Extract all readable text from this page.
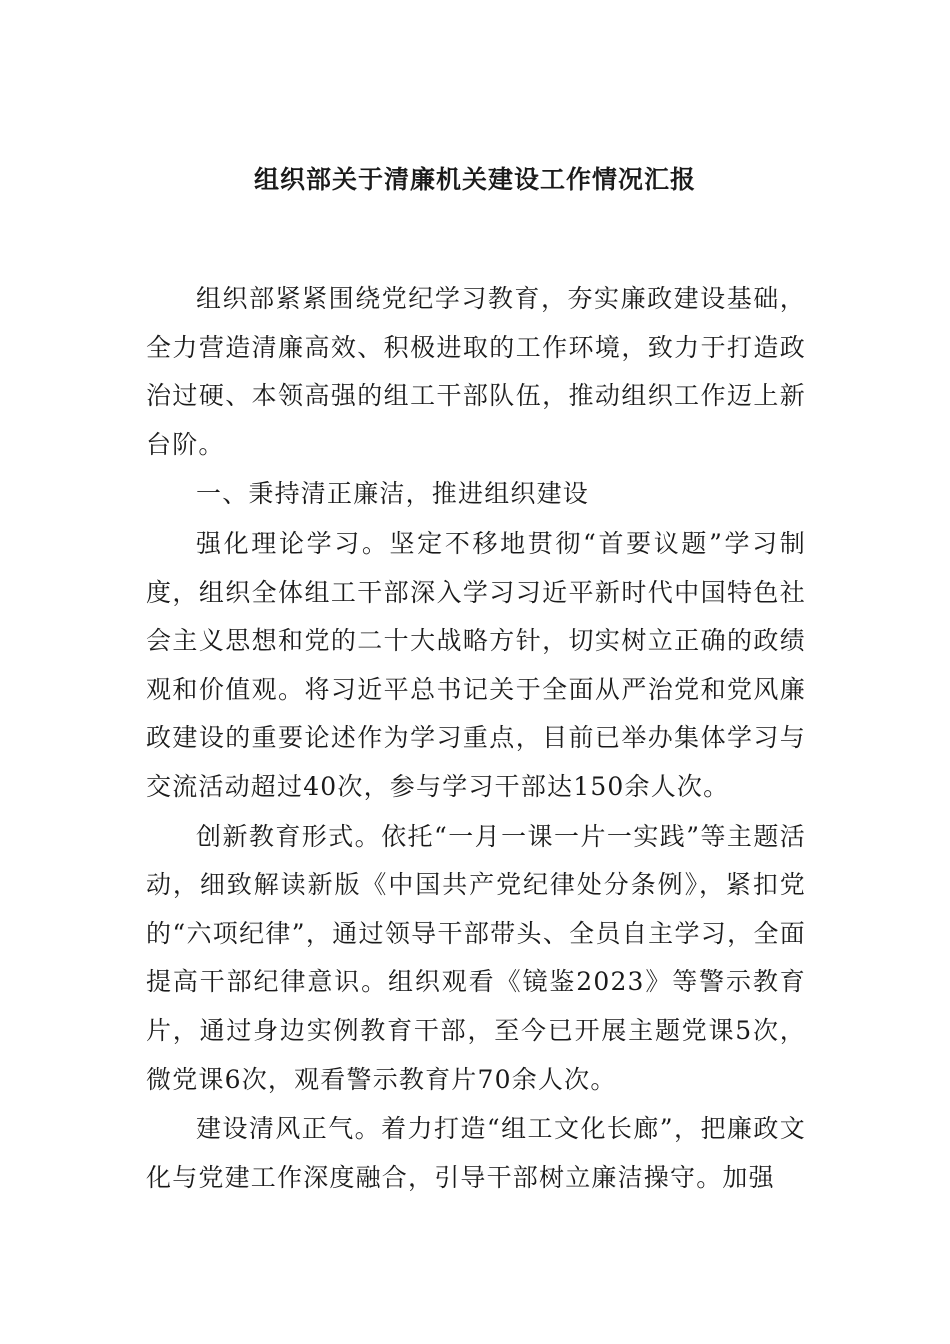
组织部关于清廉机关建设工作情况汇报

组织部紧紧围绕党纪学习教育，夯实廉政建设基础，全力营造清廉高效、积极进取的工作环境，致力于打造政治过硬、本领高强的组工干部队伍，推动组织工作迈上新台阶。

一、秉持清正廉洁，推进组织建设

强化理论学习。坚定不移地贯彻“首要议题”学习制度，组织全体组工干部深入学习习近平新时代中国特色社会主义思想和党的二十大战略方针，切实树立正确的政绩观和价值观。将习近平总书记关于全面从严治党和党风廉政建设的重要论述作为学习重点，目前已举办集体学习与交流活动超过40次，参与学习干部达150余人次。

创新教育形式。依托“一月一课一片一实践”等主题活动，细致解读新版《中国共产党纪律处分条例》，紧扣党的“六项纪律”，通过领导干部带头、全员自主学习，全面提高干部纪律意识。组织观看《镜鉴2023》等警示教育片，通过身边实例教育干部，至今已开展主题党课5次，微党课6次，观看警示教育片70余人次。

建设清风正气。着力打造“组工文化长廊”，把廉政文化与党建工作深度融合，引导干部树立廉洁操守。加强
